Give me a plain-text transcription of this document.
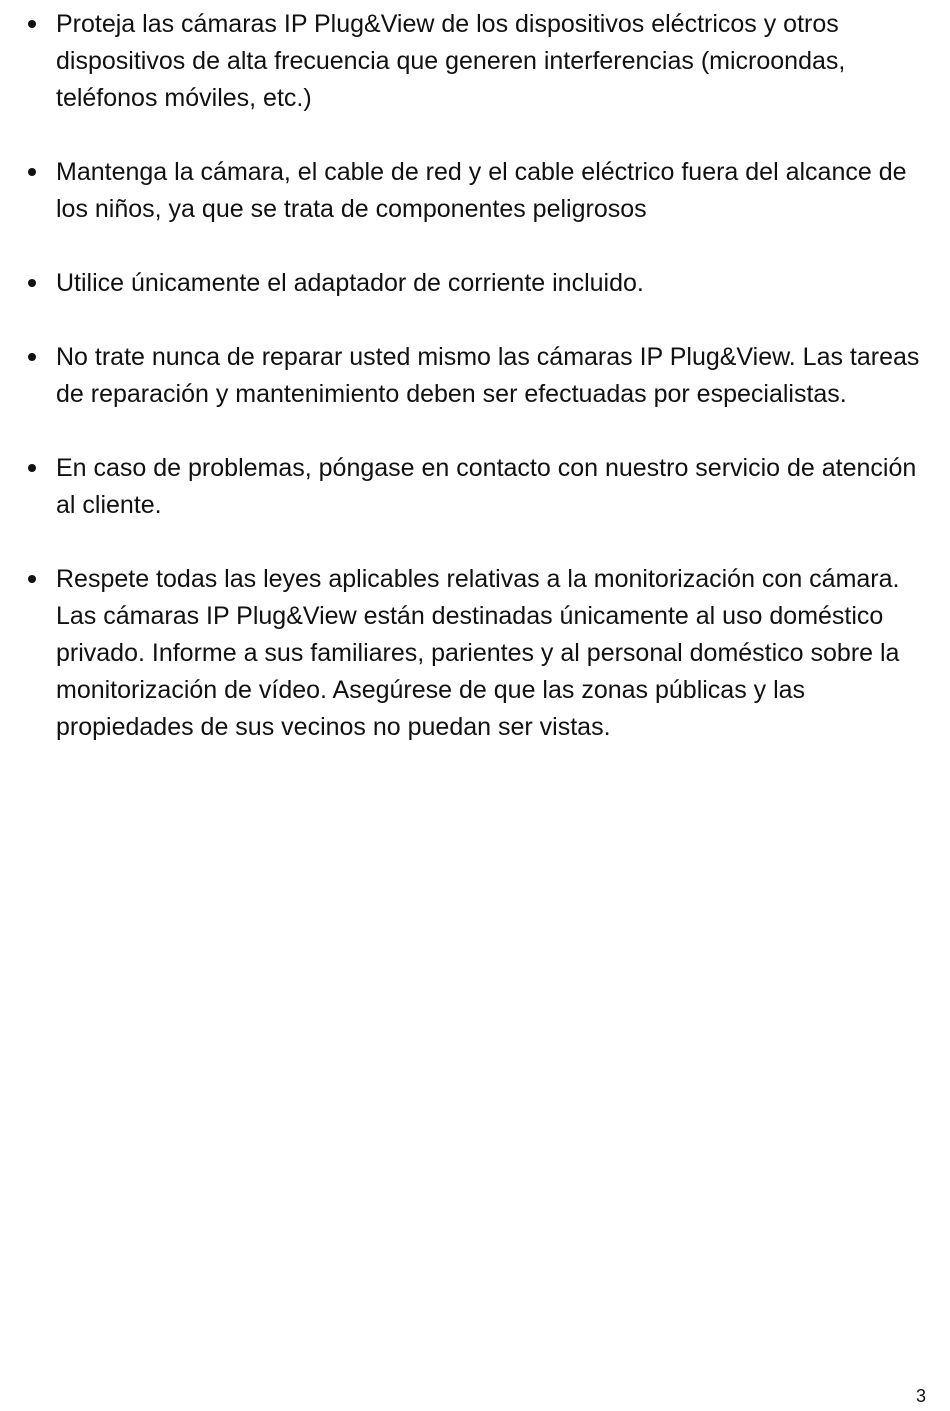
Proteja las cámaras IP Plug&View de los dispositivos eléctricos y otros dispositivos de alta frecuencia que generen interferencias (microondas, teléfonos móviles, etc.)
Mantenga la cámara, el cable de red y el cable eléctrico fuera del alcance de los niños, ya que se trata de componentes peligrosos
Utilice únicamente el adaptador de corriente incluido.
No trate nunca de reparar usted mismo las cámaras IP Plug&View. Las tareas de reparación y mantenimiento deben ser efectuadas por especialistas.
En caso de problemas, póngase en contacto con nuestro servicio de atención al cliente.
Respete todas las leyes aplicables relativas a la monitorización con cámara. Las cámaras IP Plug&View están destinadas únicamente al uso doméstico privado. Informe a sus familiares, parientes y al personal doméstico sobre la monitorización de vídeo. Asegúrese de que las zonas públicas y las propiedades de sus vecinos no puedan ser vistas.
3
